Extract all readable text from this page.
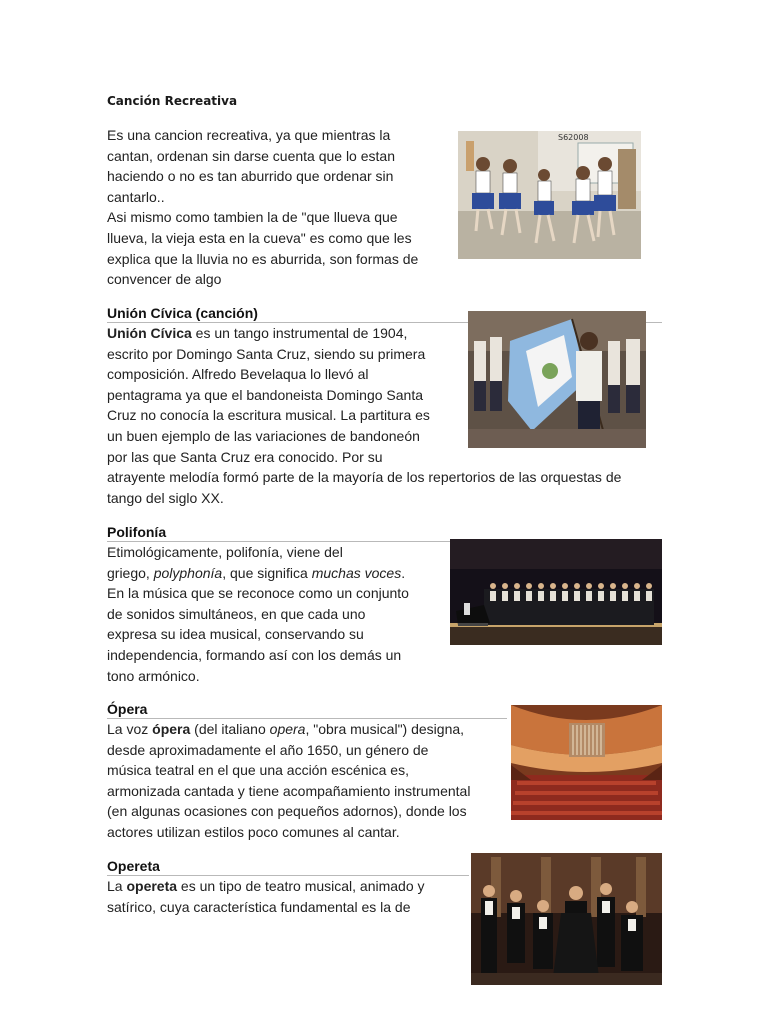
Canción Recreativa
Es una cancion recreativa, ya que mientras la
cantan, ordenan sin darse cuenta que lo estan
haciendo o no es tan aburrido que ordenar sin
cantarlo..
Asi mismo como tambien la de "que llueva que
llueva, la vieja esta en la cueva" es como que les
explica que la lluvia no es aburrida, son formas de
convencer de algo
S62008
Unión Cívica (canción)
Unión Cívica es un tango instrumental de 1904,
escrito por Domingo Santa Cruz, siendo su primera
composición. Alfredo Bevelaqua lo llevó al
pentagrama ya que el bandoneista Domingo Santa
Cruz no conocía la escritura musical. La partitura es
un buen ejemplo de las variaciones de bandoneón
por las que Santa Cruz era conocido. Por su
atrayente melodía formó parte de la mayoría de los repertorios de las orquestas de
tango del siglo XX.
Polifonía
Etimológicamente, polifonía, viene del
griego, polyphonía, que significa muchas voces.
En la música que se reconoce como un conjunto
de sonidos simultáneos, en que cada uno
expresa su idea musical, conservando su
independencia, formando así con los demás un
tono armónico.
Ópera
La voz ópera (del italiano opera, "obra musical") designa,
desde aproximadamente el año 1650, un género de
música teatral en el que una acción escénica es,
armonizada cantada y tiene acompañamiento instrumental
(en algunas ocasiones con pequeños adornos), donde los
actores utilizan estilos poco comunes al cantar.
Opereta
La opereta es un tipo de teatro musical, animado y
satírico, cuya característica fundamental es la de
